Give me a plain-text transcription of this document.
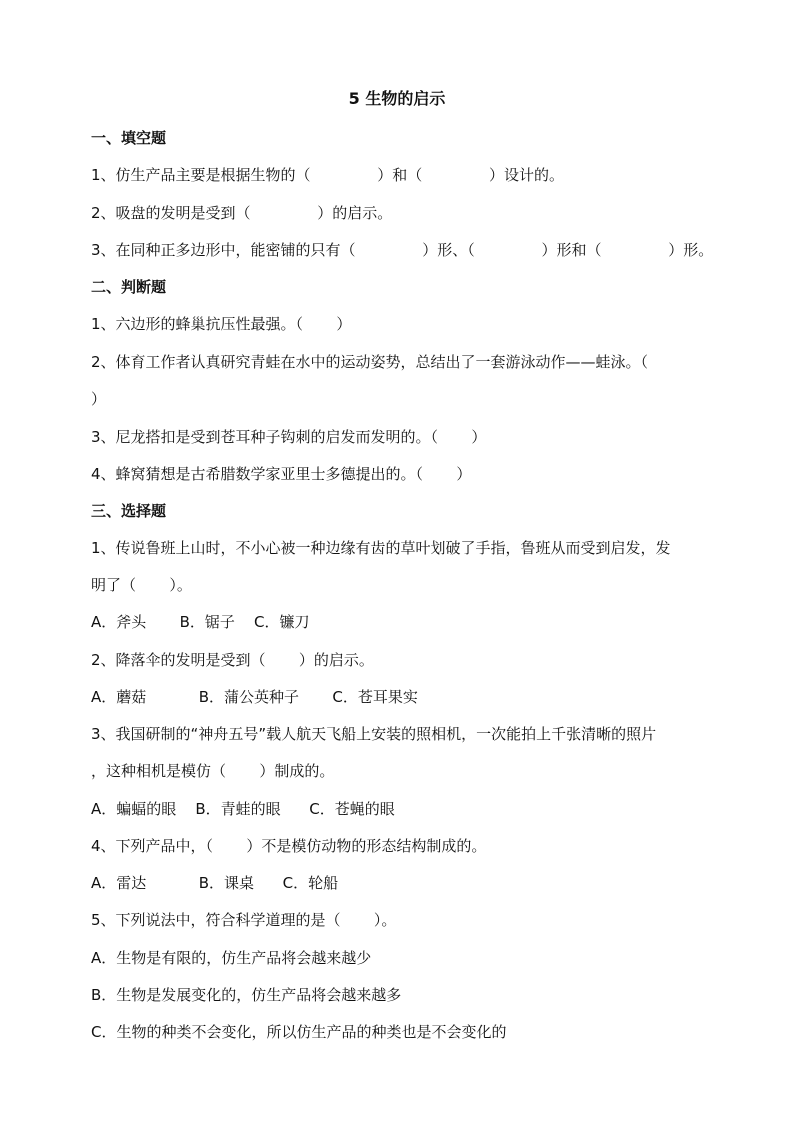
5 生物的启示
一、填空题
1、仿生产品主要是根据生物的（              ）和（              ）设计的。
2、吸盘的发明是受到（              ）的启示。
3、在同种正多边形中，能密铺的只有（              ）形、（              ）形和（              ）形。
二、判断题
1、六边形的蜂巢抗压性最强。（       ）
2、体育工作者认真研究青蛙在水中的运动姿势，总结出了一套游泳动作——蛙泳。（
）
3、尼龙搭扣是受到苍耳种子钩刺的启发而发明的。（       ）
4、蜂窝猜想是古希腊数学家亚里士多德提出的。（       ）
三、选择题
1、传说鲁班上山时，不小心被一种边缘有齿的草叶划破了手指，鲁班从而受到启发，发
明了（       ）。
A．斧头       B．锯子    C．镰刀
2、降落伞的发明是受到（       ）的启示。
A．蘑菇           B．蒲公英种子       C．苍耳果实
3、我国研制的“神舟五号”载人航天飞船上安装的照相机，一次能拍上千张清晰的照片
，这种相机是模仿（       ）制成的。
A．蝙蝠的眼    B．青蛙的眼      C．苍蝇的眼
4、下列产品中，（       ）不是模仿动物的形态结构制成的。
A．雷达           B．课桌      C．轮船
5、下列说法中，符合科学道理的是（       ）。
A．生物是有限的，仿生产品将会越来越少
B．生物是发展变化的，仿生产品将会越来越多
C．生物的种类不会变化，所以仿生产品的种类也是不会变化的
